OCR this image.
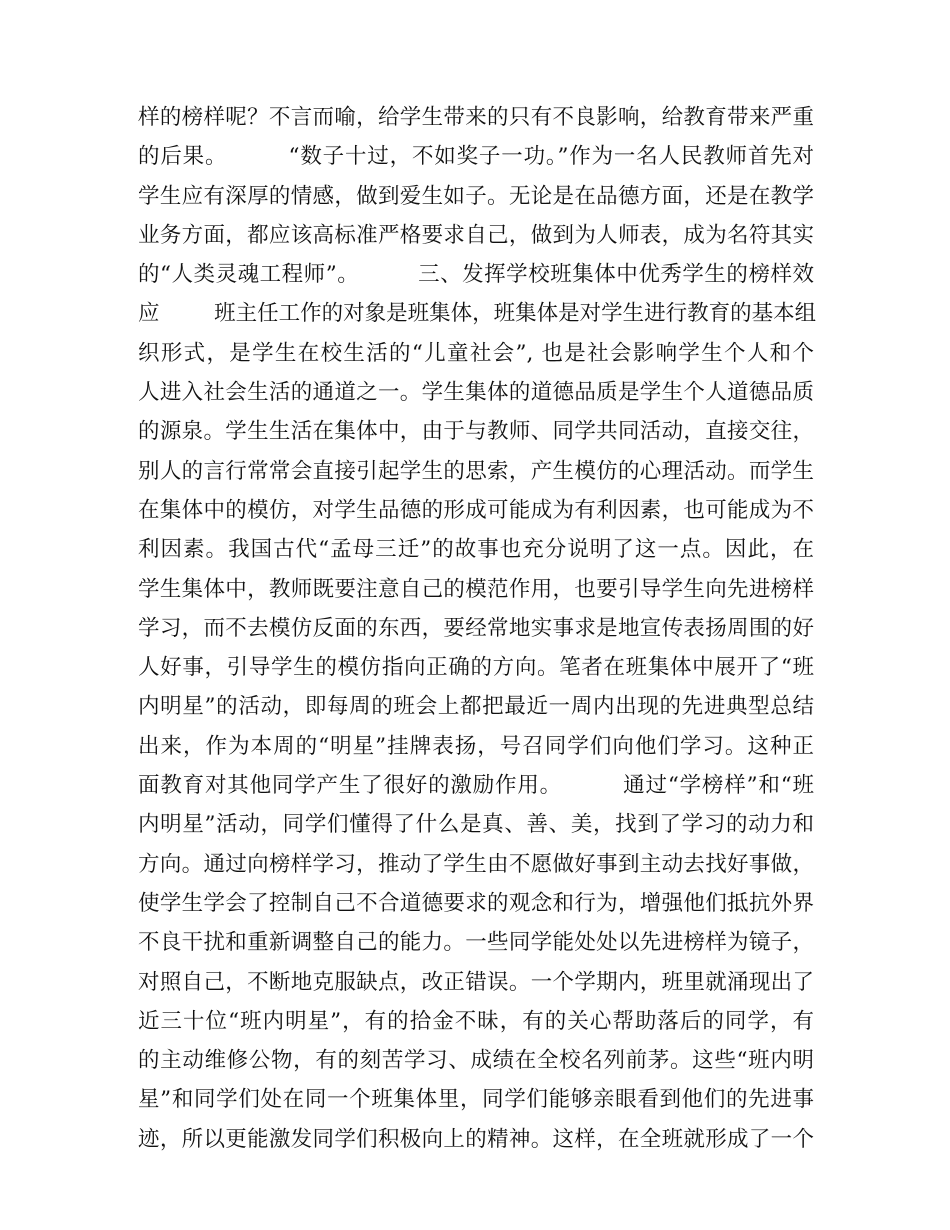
样的榜样呢？不言而喻，给学生带来的只有不良影响，给教育带来严重
的后果。        “数子十过，不如奖子一功。”作为一名人民教师首先对
学生应有深厚的情感，做到爱生如子。无论是在品德方面，还是在教学
业务方面，都应该高标准严格要求自己，做到为人师表，成为名符其实
的“人类灵魂工程师”。        三、发挥学校班集体中优秀学生的榜样效
应        班主任工作的对象是班集体，班集体是对学生进行教育的基本组
织形式，是学生在校生活的“儿童社会”, 也是社会影响学生个人和个
人进入社会生活的通道之一。学生集体的道德品质是学生个人道德品质
的源泉。学生生活在集体中，由于与教师、同学共同活动，直接交往，
别人的言行常常会直接引起学生的思索，产生模仿的心理活动。而学生
在集体中的模仿，对学生品德的形成可能成为有利因素，也可能成为不
利因素。我国古代“孟母三迁”的故事也充分说明了这一点。因此，在
学生集体中，教师既要注意自己的模范作用，也要引导学生向先进榜样
学习，而不去模仿反面的东西，要经常地实事求是地宣传表扬周围的好
人好事，引导学生的模仿指向正确的方向。笔者在班集体中展开了“班
内明星”的活动，即每周的班会上都把最近一周内出现的先进典型总结
出来，作为本周的“明星”挂牌表扬，号召同学们向他们学习。这种正
面教育对其他同学产生了很好的激励作用。        通过“学榜样”和“班
内明星”活动，同学们懂得了什么是真、善、美，找到了学习的动力和
方向。通过向榜样学习，推动了学生由不愿做好事到主动去找好事做，
使学生学会了控制自己不合道德要求的观念和行为，增强他们抵抗外界
不良干扰和重新调整自己的能力。一些同学能处处以先进榜样为镜子，
对照自己，不断地克服缺点，改正错误。一个学期内，班里就涌现出了
近三十位“班内明星”，有的拾金不昧，有的关心帮助落后的同学，有
的主动维修公物，有的刻苦学习、成绩在全校名列前茅。这些“班内明
星”和同学们处在同一个班集体里，同学们能够亲眼看到他们的先进事
迹，所以更能激发同学们积极向上的精神。这样，在全班就形成了一个
